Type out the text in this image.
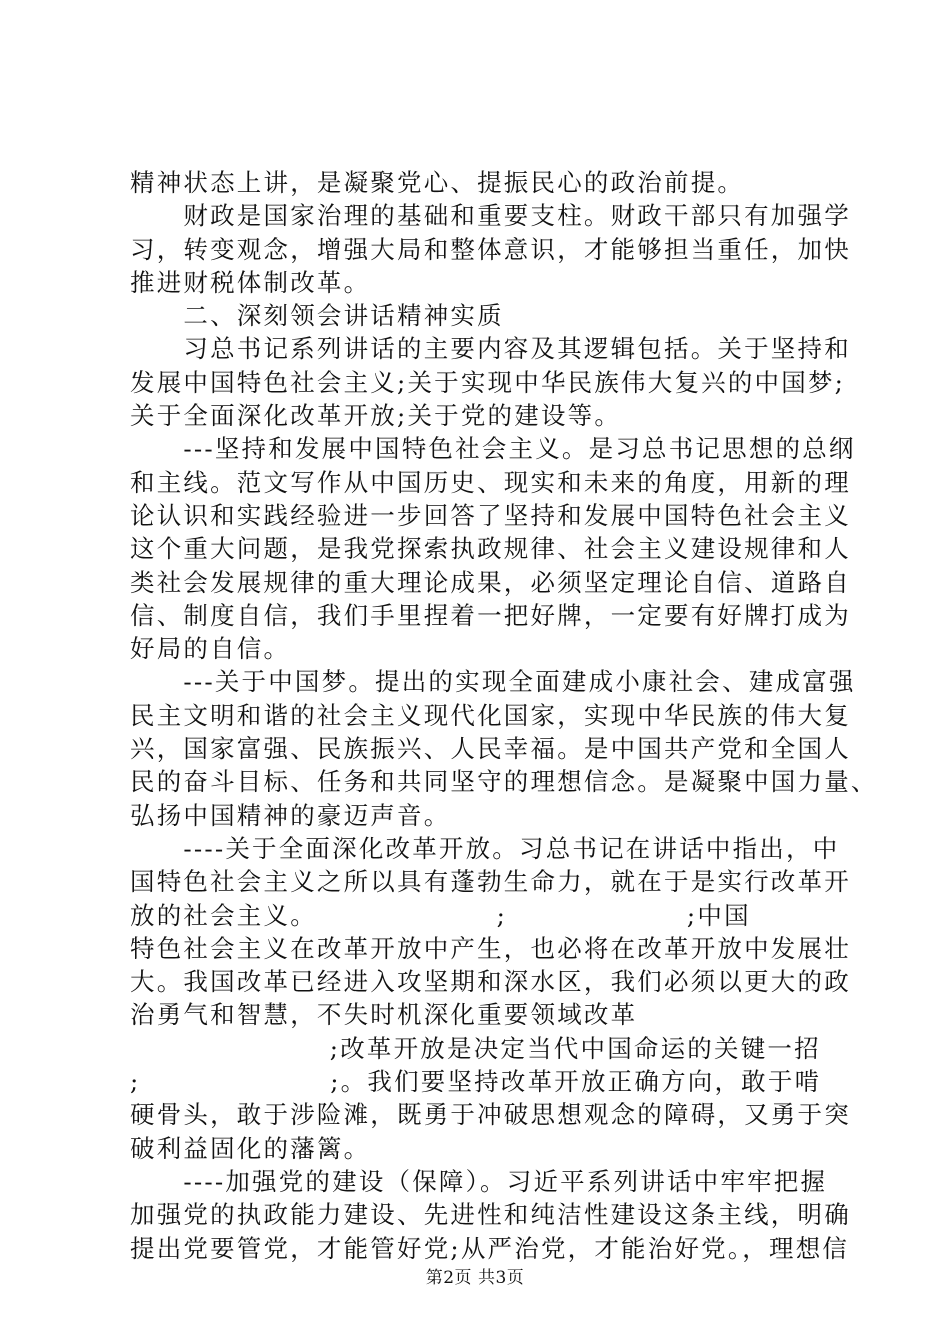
精神状态上讲，是凝聚党心、提振民心的政治前提。
　　财政是国家治理的基础和重要支柱。财政干部只有加强学
习，转变观念，增强大局和整体意识，才能够担当重任，加快
推进财税体制改革。
　　二、深刻领会讲话精神实质
　　习总书记系列讲话的主要内容及其逻辑包括。关于坚持和
发展中国特色社会主义;关于实现中华民族伟大复兴的中国梦;
关于全面深化改革开放;关于党的建设等。
　　---坚持和发展中国特色社会主义。是习总书记思想的总纲
和主线。范文写作从中国历史、现实和未来的角度，用新的理
论认识和实践经验进一步回答了坚持和发展中国特色社会主义
这个重大问题，是我党探索执政规律、社会主义建设规律和人
类社会发展规律的重大理论成果，必须坚定理论自信、道路自
信、制度自信，我们手里捏着一把好牌，一定要有好牌打成为
好局的自信。
　　---关于中国梦。提出的实现全面建成小康社会、建成富强
民主文明和谐的社会主义现代化国家，实现中华民族的伟大复
兴，国家富强、民族振兴、人民幸福。是中国共产党和全国人
民的奋斗目标、任务和共同坚守的理想信念。是凝聚中国力量、
弘扬中国精神的豪迈声音。
　　----关于全面深化改革开放。习总书记在讲话中指出，中
国特色社会主义之所以具有蓬勃生命力，就在于是实行改革开
放的社会主义。                  ;                  ;中国
特色社会主义在改革开放中产生，也必将在改革开放中发展壮
大。我国改革已经进入攻坚期和深水区，我们必须以更大的政
治勇气和智慧，不失时机深化重要领域改革
;改革开放是决定当代中国命运的关键一招
;                   ;。我们要坚持改革开放正确方向，敢于啃
硬骨头，敢于涉险滩，既勇于冲破思想观念的障碍，又勇于突
破利益固化的藩篱。
　　----加强党的建设（保障）。习近平系列讲话中牢牢把握
加强党的执政能力建设、先进性和纯洁性建设这条主线，明确
提出党要管党，才能管好党;从严治党，才能治好党。，理想信
第2页 共3页
